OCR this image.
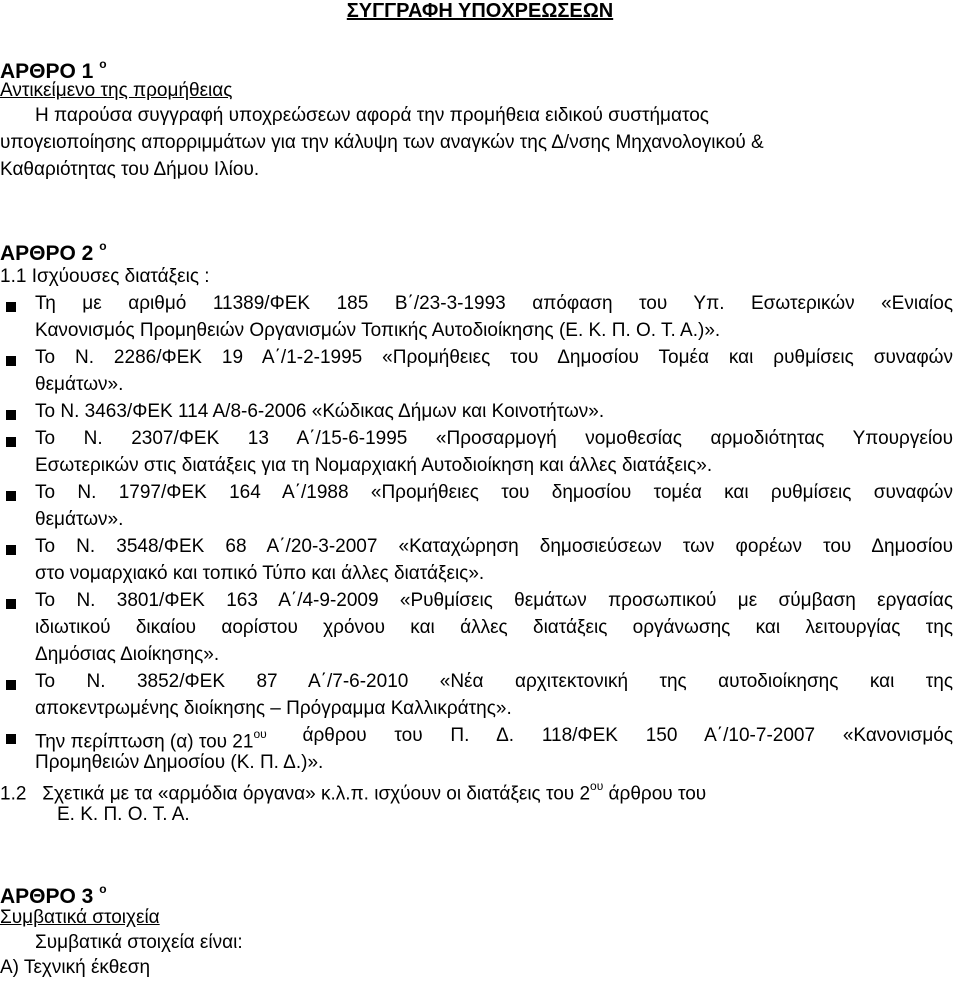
ΣΥΓΓΡΑΦΗ ΥΠΟΧΡΕΩΣΕΩΝ
ΑΡΘΡΟ 1 $^o$
Αντικείμενο της προμήθειας
Η παρούσα συγγραφή υποχρεώσεων αφορά την προμήθεια ειδικού συστήματος
υπογειοποίησης απορριμμάτων για την κάλυψη των αναγκών της Δ/νσης Μηχανολογικού &
Καθαριότητας του Δήμου Ιλίου.
ΑΡΘΡΟ 2 $^o$
1.1 Ισχύουσες διατάξεις :
Τη με αριθμό 11389/ΦΕΚ 185 Β΄/23-3-1993 απόφαση του Υπ. Εσωτερικών «Ενιαίος
Κανονισμός Προμηθειών Οργανισμών Τοπικής Αυτοδιοίκησης (Ε. Κ. Π. Ο. Τ. Α.)».
Το Ν. 2286/ΦΕΚ 19 Α΄/1-2-1995 «Προμήθειες του Δημοσίου Τομέα και ρυθμίσεις συναφών
θεμάτων».
Το Ν. 3463/ΦΕΚ 114 Α/8-6-2006 «Κώδικας Δήμων και Κοινοτήτων».
Το Ν. 2307/ΦΕΚ 13 Α΄/15-6-1995 «Προσαρμογή νομοθεσίας αρμοδιότητας Υπουργείου
Εσωτερικών στις διατάξεις για τη Νομαρχιακή Αυτοδιοίκηση και άλλες διατάξεις».
Το Ν. 1797/ΦΕΚ 164 Α΄/1988 «Προμήθειες του δημοσίου τομέα και ρυθμίσεις συναφών
θεμάτων».
Το Ν. 3548/ΦΕΚ 68 Α΄/20-3-2007 «Καταχώρηση δημοσιεύσεων των φορέων του Δημοσίου
στο νομαρχιακό και τοπικό Τύπο και άλλες διατάξεις».
Το Ν. 3801/ΦΕΚ 163 Α΄/4-9-2009 «Ρυθμίσεις θεμάτων προσωπικού με σύμβαση εργασίας
ιδιωτικού δικαίου αορίστου χρόνου και άλλες διατάξεις οργάνωσης και λειτουργίας της
Δημόσιας Διοίκησης».
Το Ν. 3852/ΦΕΚ 87 Α΄/7-6-2010 «Νέα αρχιτεκτονική της αυτοδιοίκησης και της
αποκεντρωμένης διοίκησης – Πρόγραμμα Καλλικράτης».
Την περίπτωση (α) του $21^{o\upsilon}$ άρθρου του Π. Δ. 118/ΦΕΚ 150 Α΄/10-7-2007 «Κανονισμός
Προμηθειών Δημοσίου (Κ. Π. Δ.)».
1.2   Σχετικά με τα «αρμόδια όργανα» κ.λ.π. ισχύουν οι διατάξεις του $2^{o\upsilon}$ άρθρου του
Ε. Κ. Π. Ο. Τ. Α.
ΑΡΘΡΟ 3 $^o$
Συμβατικά στοιχεία
Συμβατικά στοιχεία είναι:
Α) Τεχνική έκθεση
